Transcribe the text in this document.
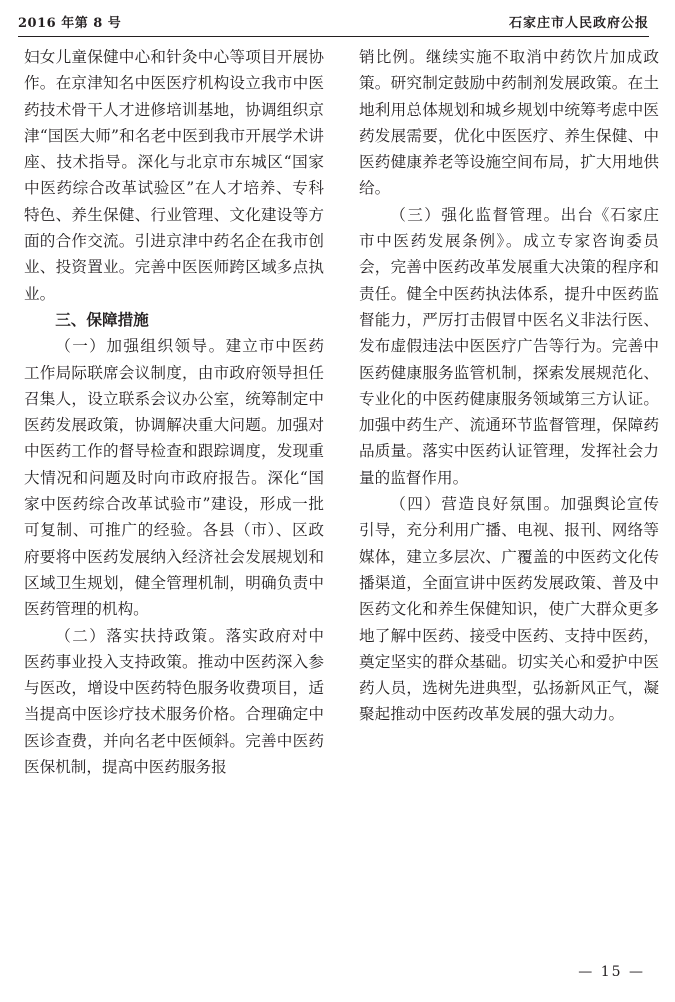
2016 年第 8 号	石家庄市人民政府公报

妇女儿童保健中心和针灸中心等项目开展协作。在京津知名中医医疗机构设立我市中医药技术骨干人才进修培训基地，协调组织京津“国医大师”和名老中医到我市开展学术讲座、技术指导。深化与北京市东城区“国家中医药综合改革试验区”在人才培养、专科特色、养生保健、行业管理、文化建设等方面的合作交流。引进京津中药名企在我市创业、投资置业。完善中医医师跨区域多点执业。

三、保障措施

（一）加强组织领导。建立市中医药工作局际联席会议制度，由市政府领导担任召集人，设立联系会议办公室，统筹制定中医药发展政策，协调解决重大问题。加强对中医药工作的督导检查和跟踪调度，发现重大情况和问题及时向市政府报告。深化“国家中医药综合改革试验市”建设，形成一批可复制、可推广的经验。各县（市）、区政府要将中医药发展纳入经济社会发展规划和区域卫生规划，健全管理机制，明确负责中医药管理的机构。

（二）落实扶持政策。落实政府对中医药事业投入支持政策。推动中医药深入参与医改，增设中医药特色服务收费项目，适当提高中医诊疗技术服务价格。合理确定中医诊查费，并向名老中医倾斜。完善中医药医保机制，提高中医药服务报

销比例。继续实施不取消中药饮片加成政策。研究制定鼓励中药制剂发展政策。在土地利用总体规划和城乡规划中统筹考虑中医药发展需要，优化中医医疗、养生保健、中医药健康养老等设施空间布局，扩大用地供给。

（三）强化监督管理。出台《石家庄市中医药发展条例》。成立专家咨询委员会，完善中医药改革发展重大决策的程序和责任。健全中医药执法体系，提升中医药监督能力，严厉打击假冒中医名义非法行医、发布虚假违法中医医疗广告等行为。完善中医药健康服务监管机制，探索发展规范化、专业化的中医药健康服务领域第三方认证。加强中药生产、流通环节监督管理，保障药品质量。落实中医药认证管理，发挥社会力量的监督作用。

（四）营造良好氛围。加强舆论宣传引导，充分利用广播、电视、报刊、网络等媒体，建立多层次、广覆盖的中医药文化传播渠道，全面宣讲中医药发展政策、普及中医药文化和养生保健知识，使广大群众更多地了解中医药、接受中医药、支持中医药，奠定坚实的群众基础。切实关心和爱护中医药人员，选树先进典型，弘扬新风正气，凝聚起推动中医药改革发展的强大动力。

— 15 —
